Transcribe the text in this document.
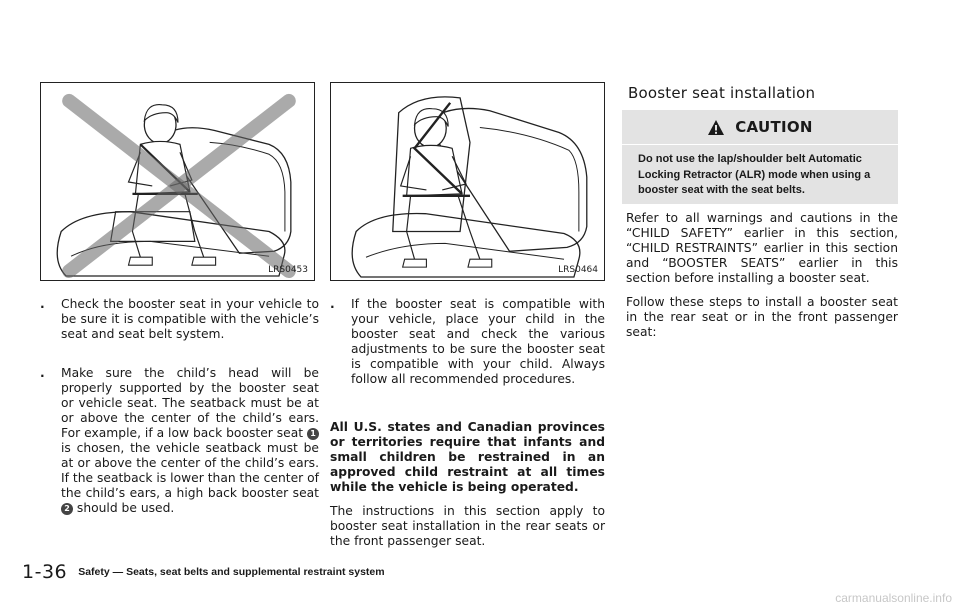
LRS0453
. Check the booster seat in your vehicle to be sure it is compatible with the vehicle’s seat and seat belt system.
. Make sure the child’s head will be properly supported by the booster seat or vehicle seat. The seatback must be at or above the center of the child’s ears. For example, if a low back booster seat 1 is chosen, the vehicle seatback must be at or above the center of the child’s ears. If the seatback is lower than the center of the child’s ears, a high back booster seat 2 should be used.
LRS0464
. If the booster seat is compatible with your vehicle, place your child in the booster seat and check the various adjustments to be sure the booster seat is compatible with your child. Always follow all recommended procedures.

All U.S. states and Canadian provinces or territories require that infants and small children be restrained in an approved child restraint at all times while the vehicle is being operated.

The instructions in this section apply to booster seat installation in the rear seats or the front passenger seat.

Booster seat installation
CAUTION

Do not use the lap/shoulder belt Automatic Locking Retractor (ALR) mode when using a booster seat with the seat belts.

Refer to all warnings and cautions in the “CHILD SAFETY” earlier in this section, “CHILD RESTRAINTS” earlier in this section and “BOOSTER SEATS” earlier in this section before installing a booster seat.

Follow these steps to install a booster seat in the rear seat or in the front passenger seat:

1-36 Safety — Seats, seat belts and supplemental restraint system
carmanualsonline.info
